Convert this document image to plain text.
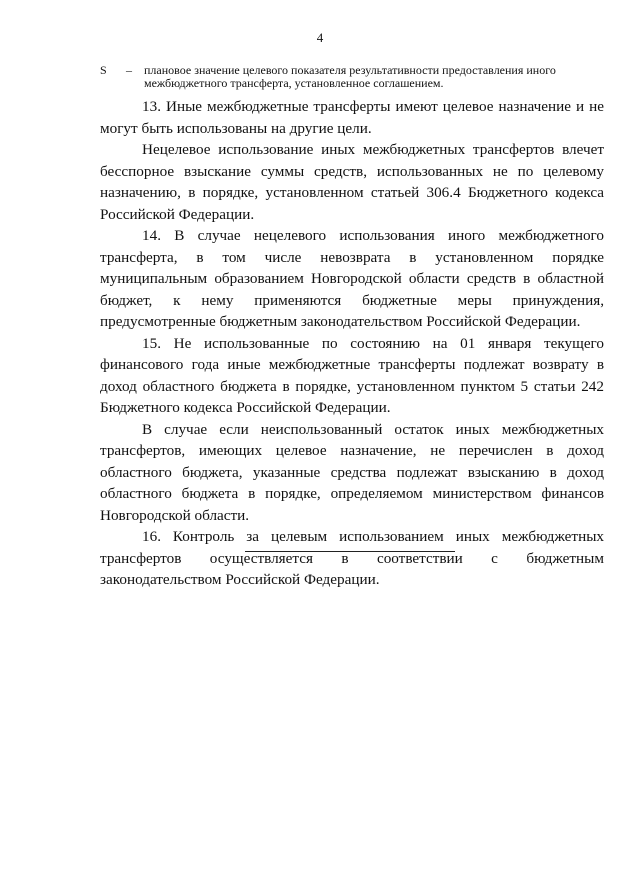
4
S – плановое значение целевого показателя результативности предоставления иного межбюджетного трансферта, установленное соглашением.

13. Иные межбюджетные трансферты имеют целевое назначение и не могут быть использованы на другие цели.

Нецелевое использование иных межбюджетных трансфертов влечет бесспорное взыскание суммы средств, использованных не по целевому назначению, в порядке, установленном статьей 306.4 Бюджетного кодекса Российской Федерации.

14. В случае нецелевого использования иного межбюджетного трансферта, в том числе невозврата в установленном порядке муниципальным образованием Новгородской области средств в областной бюджет, к нему применяются бюджетные меры принуждения, предусмотренные бюджетным законодательством Российской Федерации.

15. Не использованные по состоянию на 01 января текущего финансового года иные межбюджетные трансферты подлежат возврату в доход областного бюджета в порядке, установленном пунктом 5 статьи 242 Бюджетного кодекса Российской Федерации.

В случае если неиспользованный остаток иных межбюджетных трансфертов, имеющих целевое назначение, не перечислен в доход областного бюджета, указанные средства подлежат взысканию в доход областного бюджета в порядке, определяемом министерством финансов Новгородской области.

16. Контроль за целевым использованием иных межбюджетных трансфертов осуществляется в соответствии с бюджетным законодательством Российской Федерации.
